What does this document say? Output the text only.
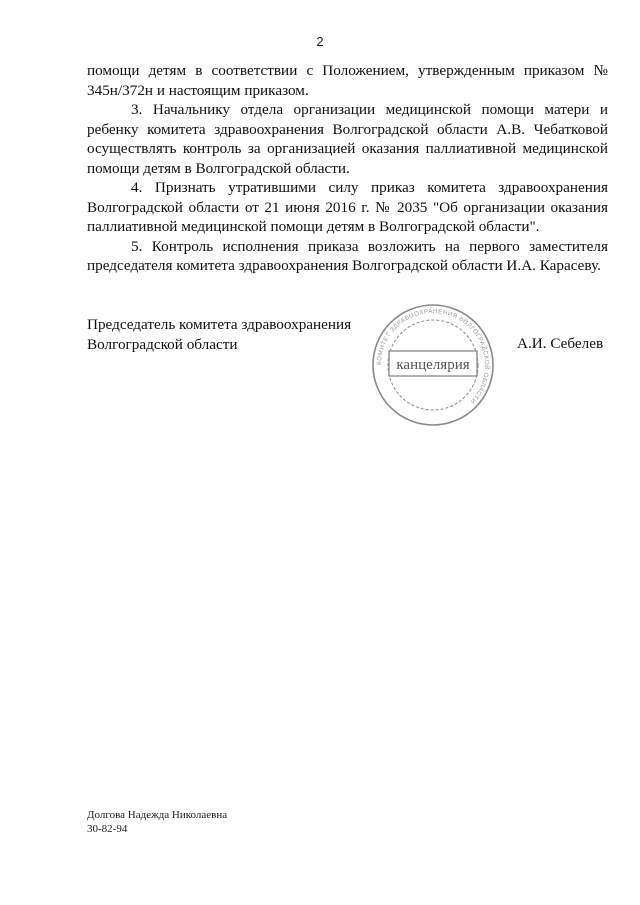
2

помощи детям в соответствии с Положением, утвержденным приказом № 345н/372н и настоящим приказом.

3. Начальнику отдела организации медицинской помощи матери и ребенку комитета здравоохранения Волгоградской области А.В. Чебатковой осуществлять контроль за организацией оказания паллиативной медицинской помощи детям в Волгоградской области.

4. Признать утратившими силу приказ комитета здравоохранения Волгоградской области от 21 июня 2016 г. № 2035 "Об организации оказания паллиативной медицинской помощи детям в Волгоградской области".

5. Контроль исполнения приказа возложить на первого заместителя председателя комитета здравоохранения Волгоградской области И.А. Карасеву.

Председатель комитета здравоохранения
Волгоградской области
КОМИТЕТ ЗДРАВООХРАНЕНИЯ ВОЛГОГРАДСКОЙ ОБЛАСТИ
канцелярия
А.И. Себелев
Долгова Надежда Николаевна
30-82-94
